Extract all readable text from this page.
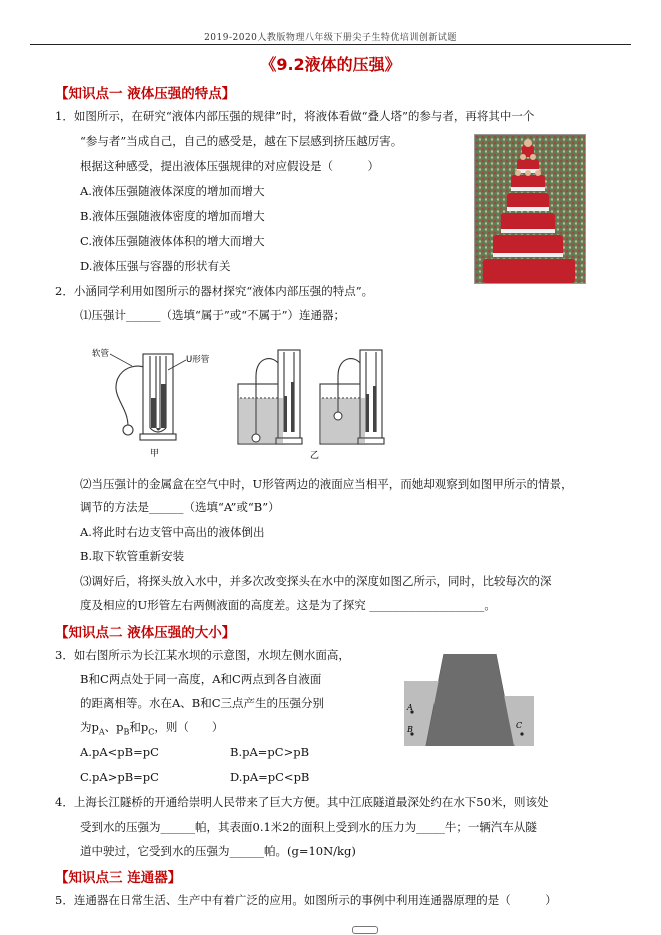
2019-2020人教版物理八年级下册尖子生特优培训创新试题
《9.2液体的压强》
【知识点一 液体压强的特点】
1．如图所示，在研究“液体内部压强的规律”时，将液体看做“叠人塔”的参与者，再将其中一个
“参与者”当成自己，自己的感受是，越在下层感到挤压越厉害。
根据这种感受，提出液体压强规律的对应假设是（　　　）
A.液体压强随液体深度的增加而增大
B.液体压强随液体密度的增加而增大
C.液体压强随液体体积的增大而增大
D.液体压强与容器的形状有关
2．小涵同学利用如图所示的器材探究“液体内部压强的特点”。
⑴压强计______（选填“属于”或“不属于”）连通器；
软管
U形管
甲	乙
⑵当压强计的金属盒在空气中时，U形管两边的液面应当相平，而她却观察到如图甲所示的情景，
调节的方法是______（选填“A”或“B”）
A.将此时右边支管中高出的液体倒出
B.取下软管重新安装
⑶调好后，将探头放入水中，并多次改变探头在水中的深度如图乙所示，同时，比较每次的深
度及相应的U形管左右两侧液面的高度差。这是为了探究 ____________________。
【知识点二 液体压强的大小】
3．如右图所示为长江某水坝的示意图，水坝左侧水面高，
B和C两点处于同一高度，A和C两点到各自液面
的距离相等。水在A、B和C三点产生的压强分别
为$p_A$、$p_B$和$p_C$，则（　　）
A.pA<pB=pC	B.pA=pC>pB
C.pA>pB=pC	D.pA=pC<pB
A
B	C
4．上海长江隧桥的开通给崇明人民带来了巨大方便。其中江底隧道最深处约在水下50米，则该处
受到水的压强为______帕，其表面0.1米2的面积上受到水的压力为_____牛；一辆汽车从隧
道中驶过，它受到水的压强为______帕。(g=10N/kg)
【知识点三 连通器】
5．连通器在日常生活、生产中有着广泛的应用。如图所示的事例中利用连通器原理的是（　　　）
